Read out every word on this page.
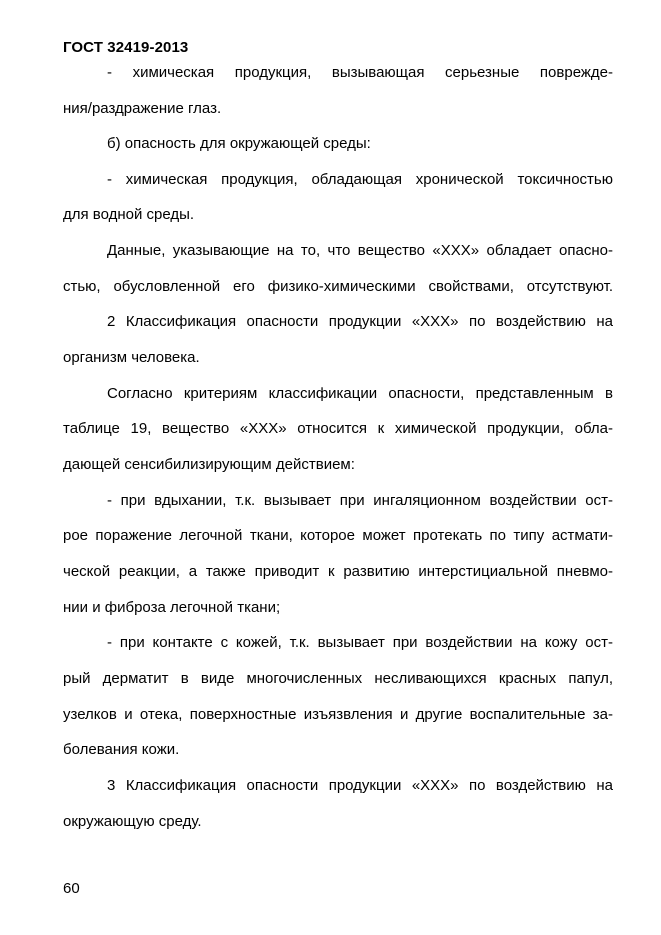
ГОСТ 32419-2013
- химическая продукция, вызывающая серьезные поврежде-
ния/раздражение глаз.
б) опасность для окружающей среды:
- химическая продукция, обладающая хронической токсичностью
для водной среды.
Данные, указывающие на то, что вещество «XXX» обладает опасно-
стью, обусловленной его физико-химическими свойствами, отсутствуют.
2 Классификация опасности продукции «XXX» по воздействию на
организм человека.
Согласно критериям классификации опасности, представленным в
таблице 19, вещество «XXX» относится к химической продукции, обла-
дающей сенсибилизирующим действием:
- при вдыхании, т.к. вызывает при ингаляционном воздействии ост-
рое поражение легочной ткани, которое может протекать по типу астмати-
ческой реакции, а также приводит к развитию интерстициальной пневмо-
нии и фиброза легочной ткани;
- при контакте с кожей, т.к. вызывает при воздействии на кожу ост-
рый дерматит в виде многочисленных несливающихся красных папул,
узелков и отека, поверхностные изъязвления и другие воспалительные за-
болевания кожи.
3 Классификация опасности продукции «XXX» по воздействию на
окружающую среду.
60
